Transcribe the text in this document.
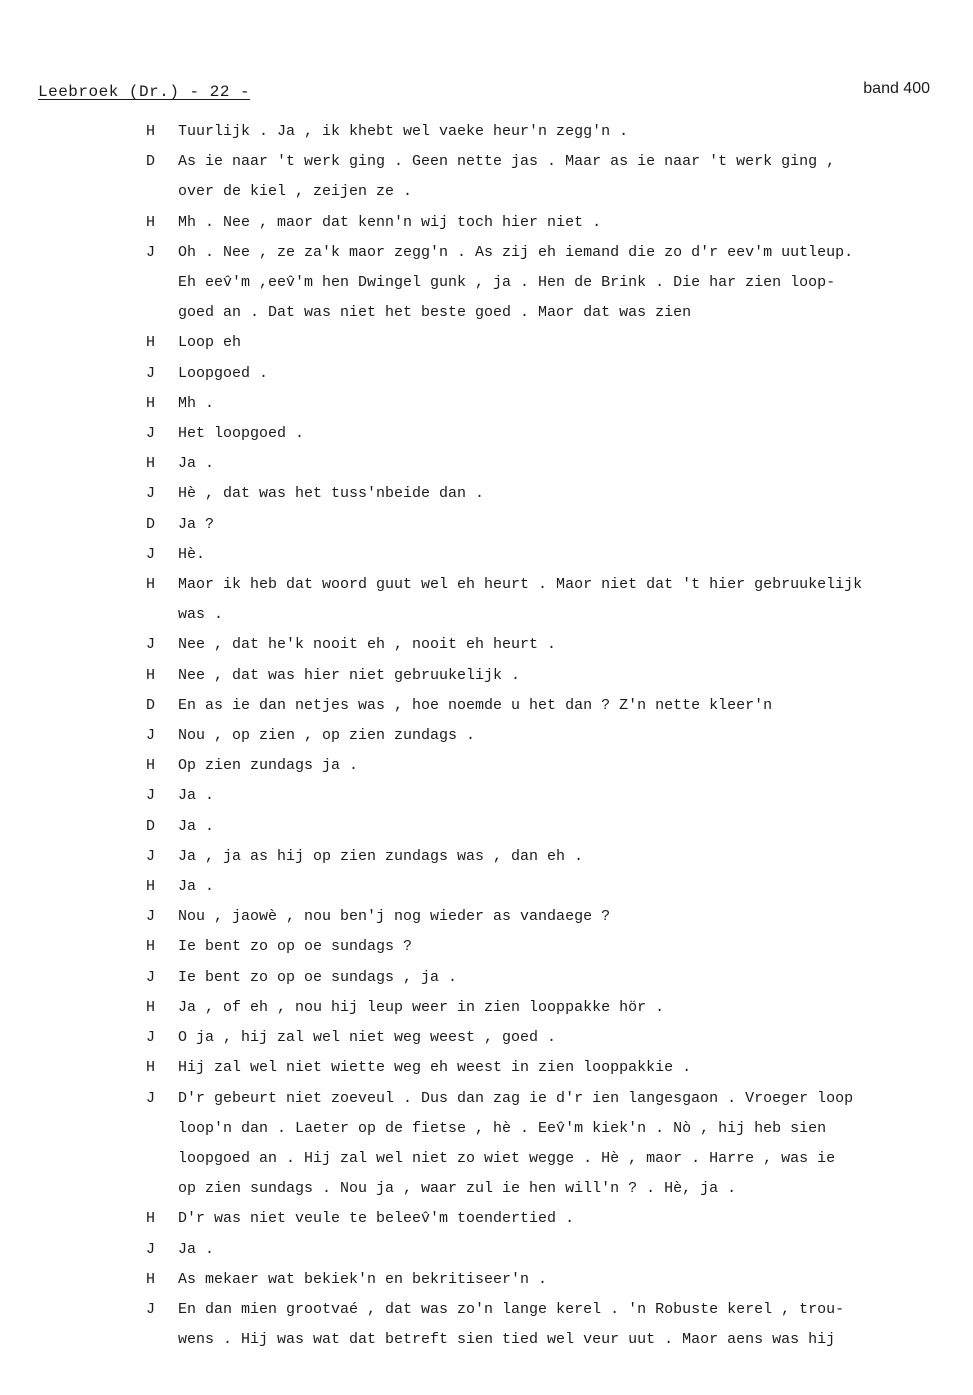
Leebroek (Dr.) - 22 -	band 400
H	Tuurlijk . Ja , ik khebt wel vaeke heur'n zegg'n .
D	As ie naar 't werk ging . Geen nette jas . Maar as ie naar 't werk ging ,
over de kiel , zeijen ze .
H	Mh . Nee , maor dat kenn'n wij toch hier niet .
J	Oh . Nee , ze za'k maor zegg'n . As zij eh iemand die zo d'r eev'm uutleup.
Eh eev̂'m ,eev̂'m hen Dwingel gunk , ja . Hen de Brink . Die har zien loop-
goed an . Dat was niet het beste goed . Maor dat was zien
H	Loop eh
J	Loopgoed .
H	Mh .
J	Het loopgoed .
H	Ja .
J	Hè , dat was het tuss'nbeide dan .
D	Ja ?
J	Hè.
H	Maor ik heb dat woord guut wel eh heurt . Maor niet dat 't hier gebruukelijk
was .
J	Nee , dat he'k nooit eh , nooit eh heurt .
H	Nee , dat was hier niet gebruukelijk .
D	En as ie dan netjes was , hoe noemde u het dan ? Z'n nette kleer'n
J	Nou , op zien , op zien zundags .
H	Op zien zundags ja .
J	Ja .
D	Ja .
J	Ja , ja as hij op zien zundags was , dan eh .
H	Ja .
J	Nou , jaowè , nou ben'j nog wieder as vandaege ?
H	Ie bent zo op oe sundags ?
J	Ie bent zo op oe sundags , ja .
H	Ja , of eh , nou hij leup weer in zien looppakke hör .
J	O ja , hij zal wel niet weg weest , goed .
H	Hij zal wel niet wiette weg eh weest in zien looppakkie .
J	D'r gebeurt niet zoeveul . Dus dan zag ie d'r ien langesgaon . Vroeger loop
loop'n dan . Laeter op de fietse , hè . Eev̂'m kiek'n . Nò , hij heb sien
loopgoed an . Hij zal wel niet zo wiet wegge . Hè , maor . Harre , was ie
op zien sundags . Nou ja , waar zul ie hen will'n ? . Hè, ja .
H	D'r was niet veule te beleev̂'m toendertied .
J	Ja .
H	As mekaer wat bekiek'n en bekritiseer'n .
J	En dan mien grootvaé , dat was zo'n lange kerel . 'n Robuste kerel , trou-
wens . Hij was wat dat betreft sien tied wel veur uut . Maor aens was hij
